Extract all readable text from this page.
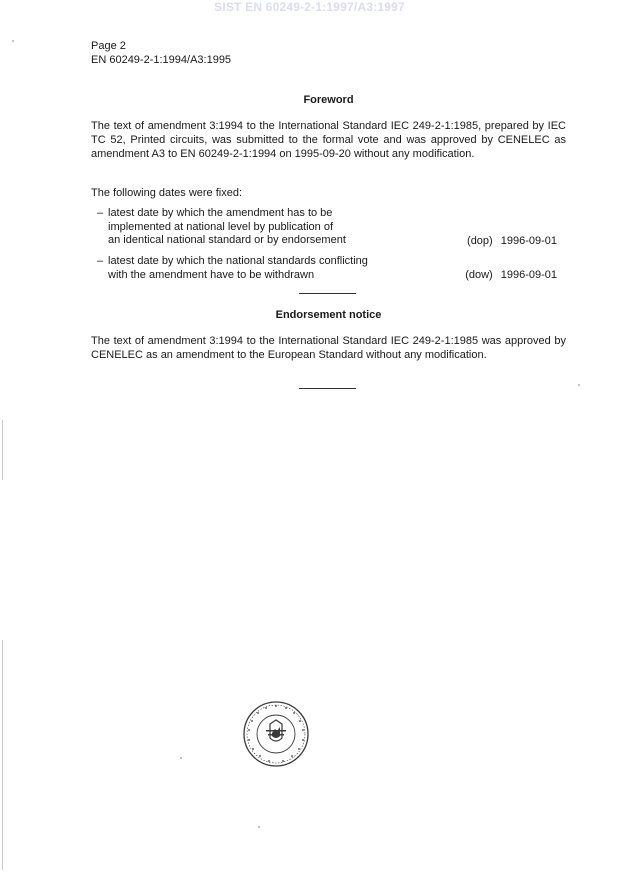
SIST EN 60249-2-1:1997/A3:1997
Page 2
EN 60249-2-1:1994/A3:1995
Foreword
The text of amendment 3:1994 to the International Standard IEC 249-2-1:1985, prepared by IEC TC 52, Printed circuits, was submitted to the formal vote and was approved by CENELEC as amendment A3 to EN 60249-2-1:1994 on 1995-09-20 without any modification.
The following dates were fixed:
– latest date by which the amendment has to be
implemented at national level by publication of
an identical national standard or by endorsement	(dop) 1996-09-01
– latest date by which the national standards conflicting
with the amendment have to be withdrawn	(dow) 1996-09-01
Endorsement notice
The text of amendment 3:1994 to the International Standard IEC 249-2-1:1985 was approved by CENELEC as an amendment to the European Standard without any modification.
